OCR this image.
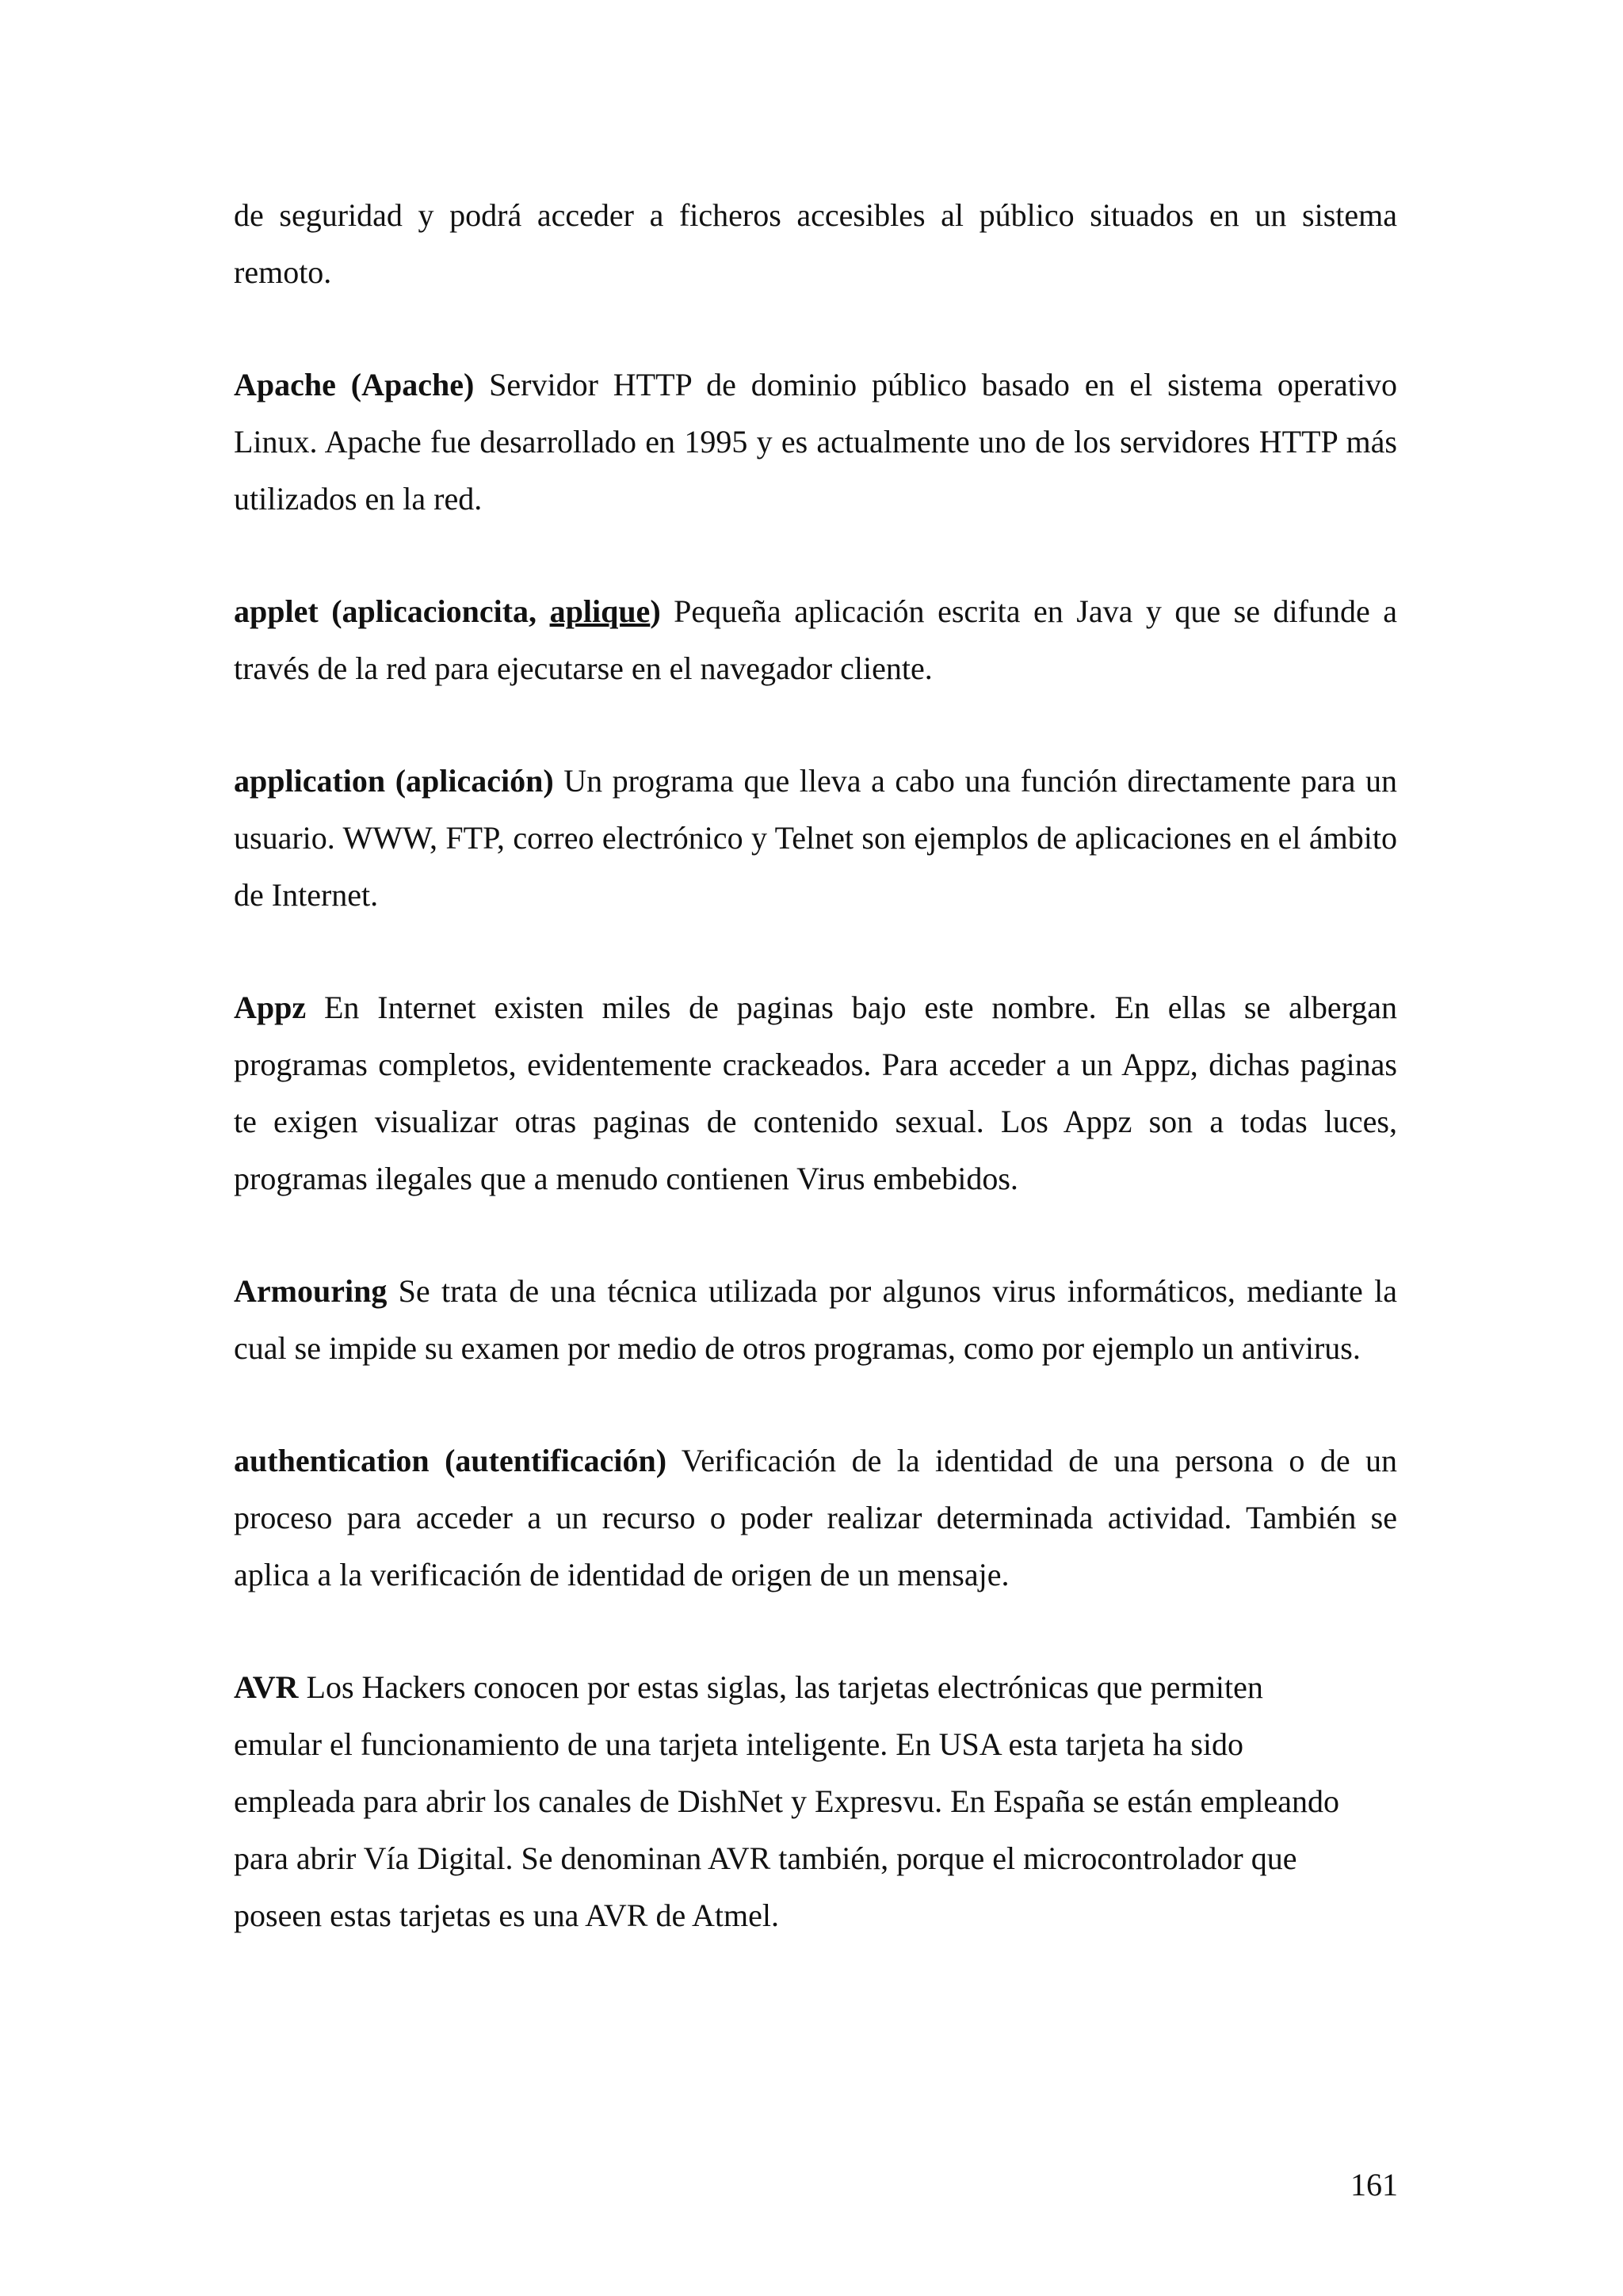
de seguridad y podrá acceder a ficheros accesibles al público situados en un sistema remoto.

Apache (Apache) Servidor HTTP de dominio público basado en el sistema operativo Linux. Apache fue desarrollado en 1995 y es actualmente uno de los servidores HTTP más utilizados en la red.

applet (aplicacioncita, aplique) Pequeña aplicación escrita en Java y que se difunde a través de la red para ejecutarse en el navegador cliente.

application (aplicación) Un programa que lleva a cabo una función directamente para un usuario. WWW, FTP, correo electrónico y Telnet son ejemplos de aplicaciones en el ámbito de Internet.

Appz En Internet existen miles de paginas bajo este nombre. En ellas se albergan programas completos, evidentemente crackeados. Para acceder a un Appz, dichas paginas te exigen visualizar otras paginas de contenido sexual. Los Appz son a todas luces, programas ilegales que a menudo contienen Virus embebidos.

Armouring Se trata de una técnica utilizada por algunos virus informáticos, mediante la cual se impide su examen por medio de otros programas, como por ejemplo un antivirus.

authentication (autentificación) Verificación de la identidad de una persona o de un proceso para acceder a un recurso o poder realizar determinada actividad. También se aplica a la verificación de identidad de origen de un mensaje.

AVR Los Hackers conocen por estas siglas, las tarjetas electrónicas que permiten
emular el funcionamiento de una tarjeta inteligente. En USA esta tarjeta ha sido
empleada para abrir los canales de DishNet y Expresvu. En España se están empleando
para abrir Vía Digital. Se denominan AVR también, porque el microcontrolador que
poseen estas tarjetas es una AVR de Atmel.

161
